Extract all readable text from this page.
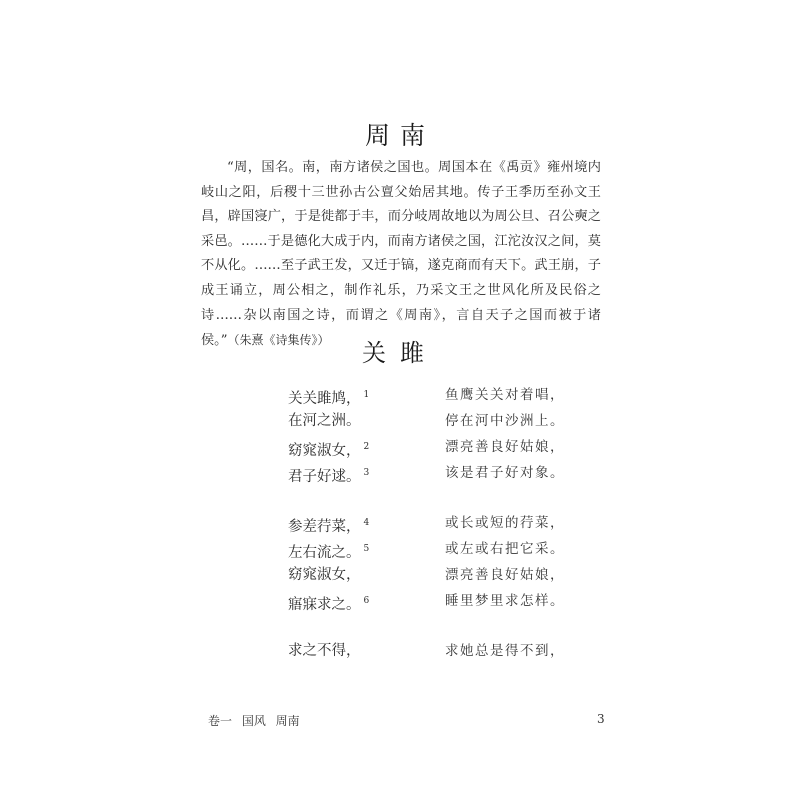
周南

“周，国名。南，南方诸侯之国也。周国本在《禹贡》雍州境内岐山之阳，后稷十三世孙古公亶父始居其地。传子王季历至孙文王昌，辟国寖广，于是徙都于丰，而分岐周故地以为周公旦、召公奭之采邑。……于是德化大成于内，而南方诸侯之国，江沱汝汉之间，莫不从化。……至子武王发，又迁于镐，遂克商而有天下。武王崩，子成王诵立，周公相之，制作礼乐，乃采文王之世风化所及民俗之诗……杂以南国之诗，而谓之《周南》，言自天子之国而被于诸侯。”（朱熹《诗集传》）	关雎
关关雎鸠， $^1$	鱼鹰关关对着唱，
在河之洲。	停在河中沙洲上。
窈窕淑女， $^2$	漂亮善良好姑娘，
君子好逑。 $^3$	该是君子好对象。
参差荇菜， $^4$	或长或短的荇菜，
左右流之。 $^5$	或左或右把它采。
窈窕淑女，	漂亮善良好姑娘，
寤寐求之。 $^6$	睡里梦里求怎样。
求之不得，	求她总是得不到，
卷一 国风 周南	3
